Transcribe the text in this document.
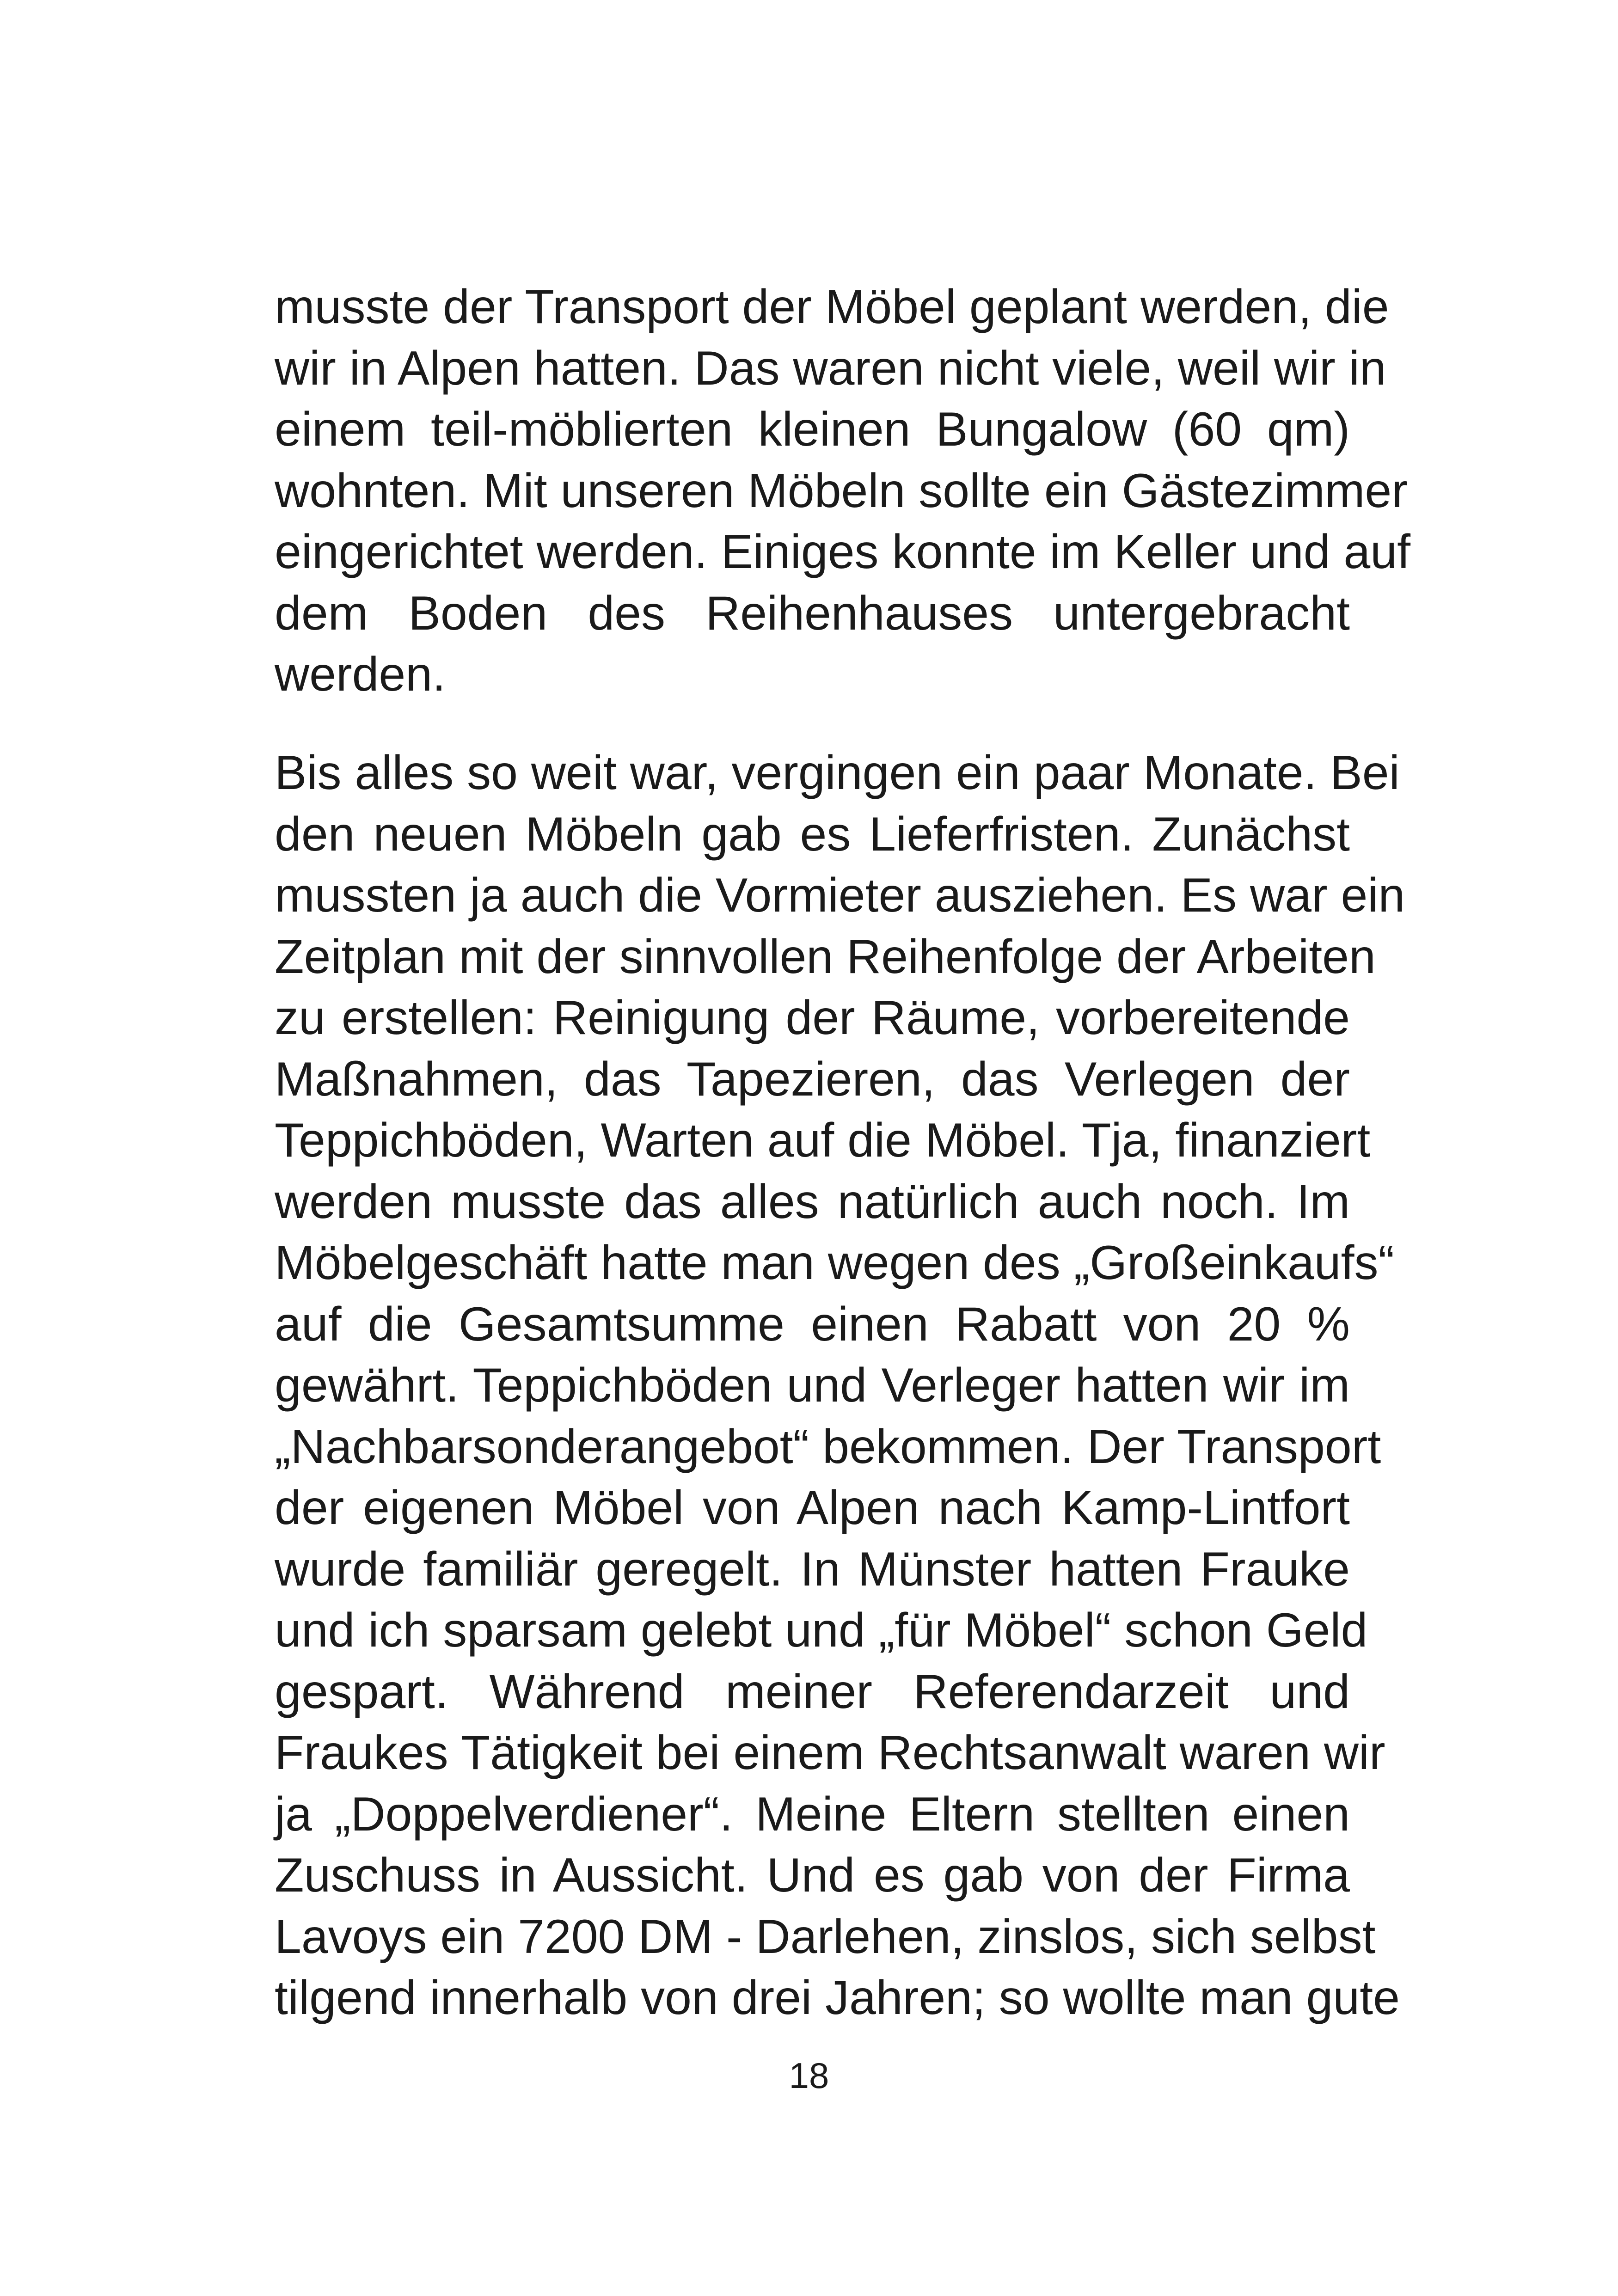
musste der Transport der Möbel geplant werden, die
wir in Alpen hatten. Das waren nicht viele, weil wir in
einem teil-möblierten kleinen Bungalow (60 qm)
wohnten. Mit unseren Möbeln sollte ein Gästezimmer
eingerichtet werden. Einiges konnte im Keller und auf
dem Boden des Reihenhauses untergebracht
werden.

Bis alles so weit war, vergingen ein paar Monate. Bei
den neuen Möbeln gab es Lieferfristen. Zunächst
mussten ja auch die Vormieter ausziehen. Es war ein
Zeitplan mit der sinnvollen Reihenfolge der Arbeiten
zu erstellen: Reinigung der Räume, vorbereitende
Maßnahmen, das Tapezieren, das Verlegen der
Teppichböden, Warten auf die Möbel. Tja, finanziert
werden musste das alles natürlich auch noch. Im
Möbelgeschäft hatte man wegen des „Großeinkaufs“
auf die Gesamtsumme einen Rabatt von 20 %
gewährt. Teppichböden und Verleger hatten wir im
„Nachbarsonderangebot“ bekommen. Der Transport
der eigenen Möbel von Alpen nach Kamp-Lintfort
wurde familiär geregelt. In Münster hatten Frauke
und ich sparsam gelebt und „für Möbel“ schon Geld
gespart. Während meiner Referendarzeit und
Fraukes Tätigkeit bei einem Rechtsanwalt waren wir
ja „Doppelverdiener“. Meine Eltern stellten einen
Zuschuss in Aussicht. Und es gab von der Firma
Lavoys ein 7200 DM - Darlehen, zinslos, sich selbst
tilgend innerhalb von drei Jahren; so wollte man gute

18
